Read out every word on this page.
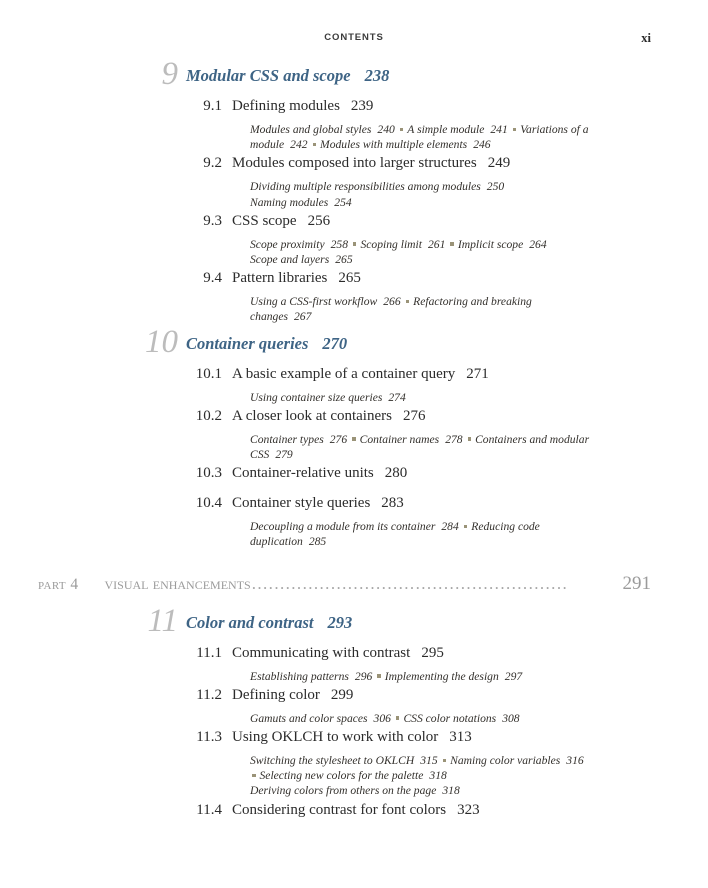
CONTENTS	xi
9 Modular CSS and scope 238
9.1 Defining modules 239
Modules and global styles 240 A simple module 241 Variations of a module 242 Modules with multiple elements 246
9.2 Modules composed into larger structures 249
Dividing multiple responsibilities among modules 250
Naming modules 254
9.3 CSS scope 256
Scope proximity 258 Scoping limit 261 Implicit scope 264
Scope and layers 265
9.4 Pattern libraries 265
Using a CSS-first workflow 266 Refactoring and breaking changes 267
10 Container queries 270
10.1 A basic example of a container query 271
Using container size queries 274
10.2 A closer look at containers 276
Container types 276 Container names 278 Containers and modular CSS 279
10.3 Container-relative units 280
10.4 Container style queries 283
Decoupling a module from its container 284 Reducing code duplication 285
part 4 visual enhancements ........................................................	291
11 Color and contrast 293
11.1 Communicating with contrast 295
Establishing patterns 296 Implementing the design 297
11.2 Defining color 299
Gamuts and color spaces 306 CSS color notations 308
11.3 Using OKLCH to work with color 313
Switching the stylesheet to OKLCH 315 Naming color variables 316Selecting new colors for the palette 318
Deriving colors from others on the page 318
11.4 Considering contrast for font colors 323
